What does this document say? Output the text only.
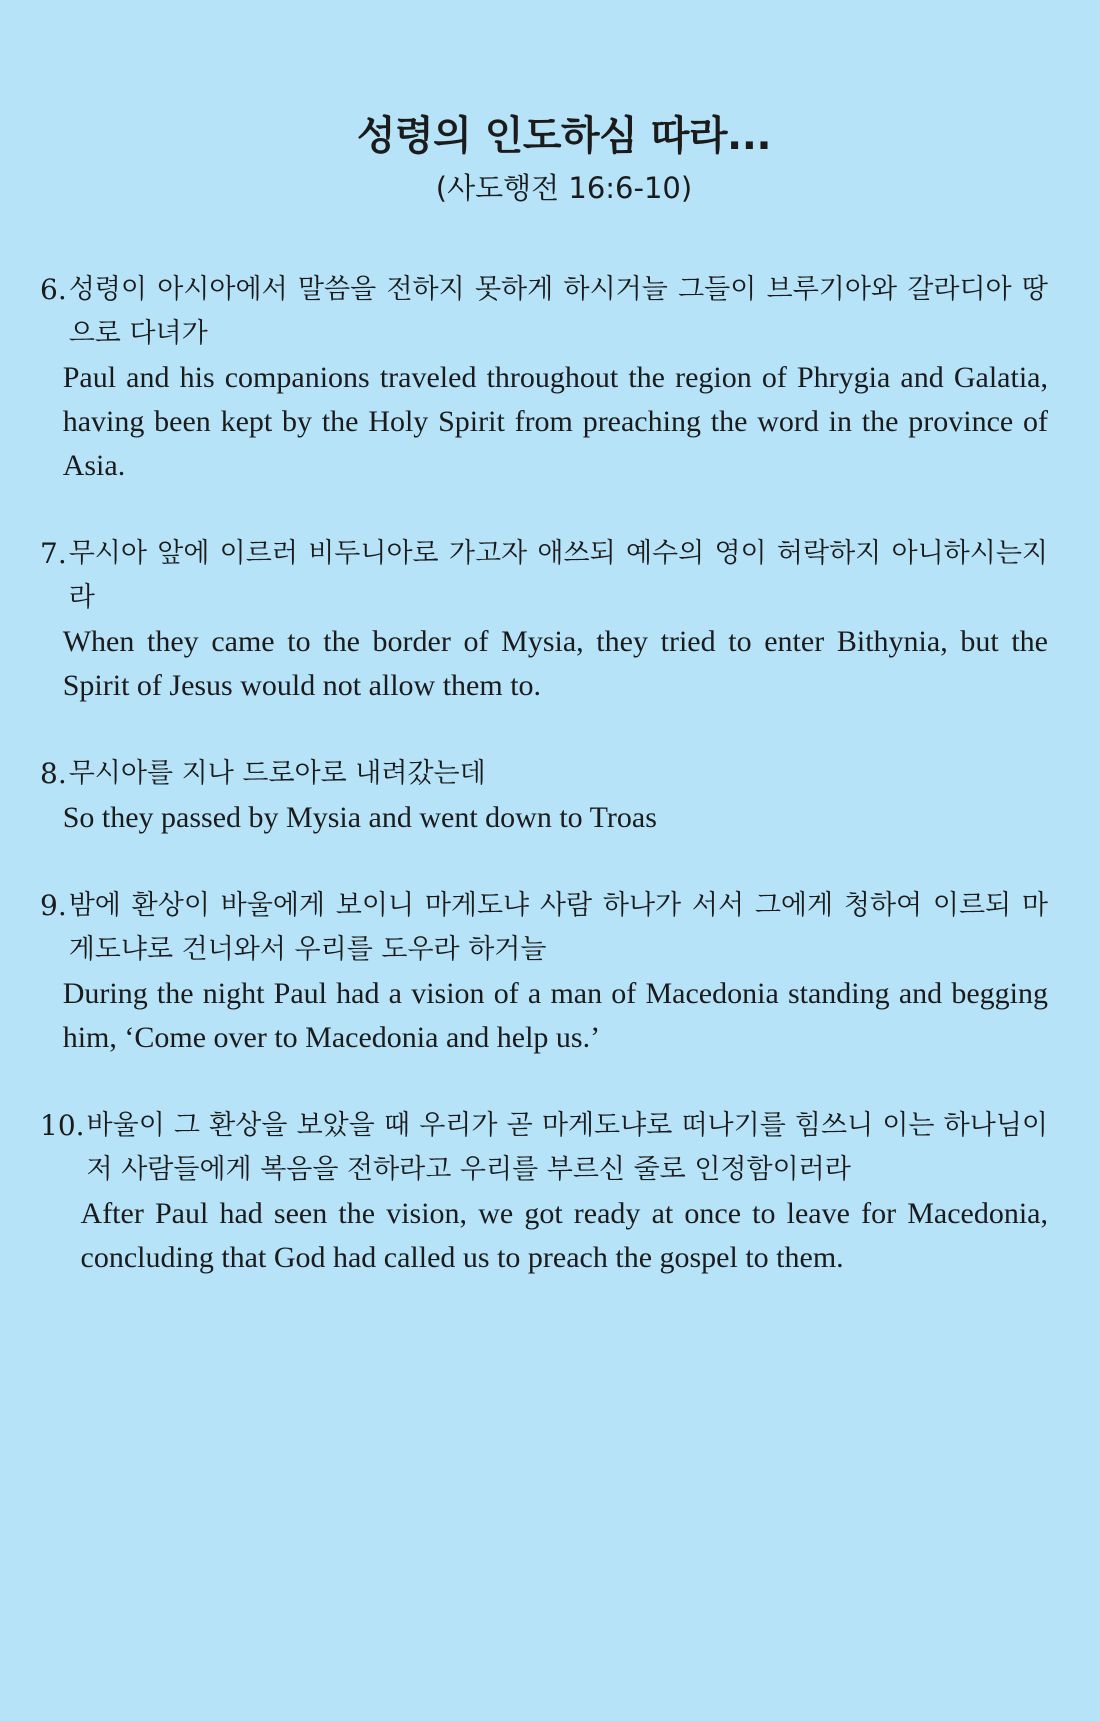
성령의 인도하심 따라...
(사도행전 16:6-10)
6. 성령이 아시아에서 말씀을 전하지 못하게 하시거늘 그들이 브루기아와 갈라디아 땅으로 다녀가
Paul and his companions traveled throughout the region of Phrygia and Galatia, having been kept by the Holy Spirit from preaching the word in the province of Asia.
7. 무시아 앞에 이르러 비두니아로 가고자 애쓰되 예수의 영이 허락하지 아니하시는지라
When they came to the border of Mysia, they tried to enter Bithynia, but the Spirit of Jesus would not allow them to.
8. 무시아를 지나 드로아로 내려갔는데
So they passed by Mysia and went down to Troas
9. 밤에 환상이 바울에게 보이니 마게도냐 사람 하나가 서서 그에게 청하여 이르되 마게도냐로 건너와서 우리를 도우라 하거늘
During the night Paul had a vision of a man of Macedonia standing and begging him, ‘Come over to Macedonia and help us.’
10. 바울이 그 환상을 보았을 때 우리가 곧 마게도냐로 떠나기를 힘쓰니 이는 하나님이 저 사람들에게 복음을 전하라고 우리를 부르신 줄로 인정함이러라
After Paul had seen the vision, we got ready at once to leave for Macedonia, concluding that God had called us to preach the gospel to them.
